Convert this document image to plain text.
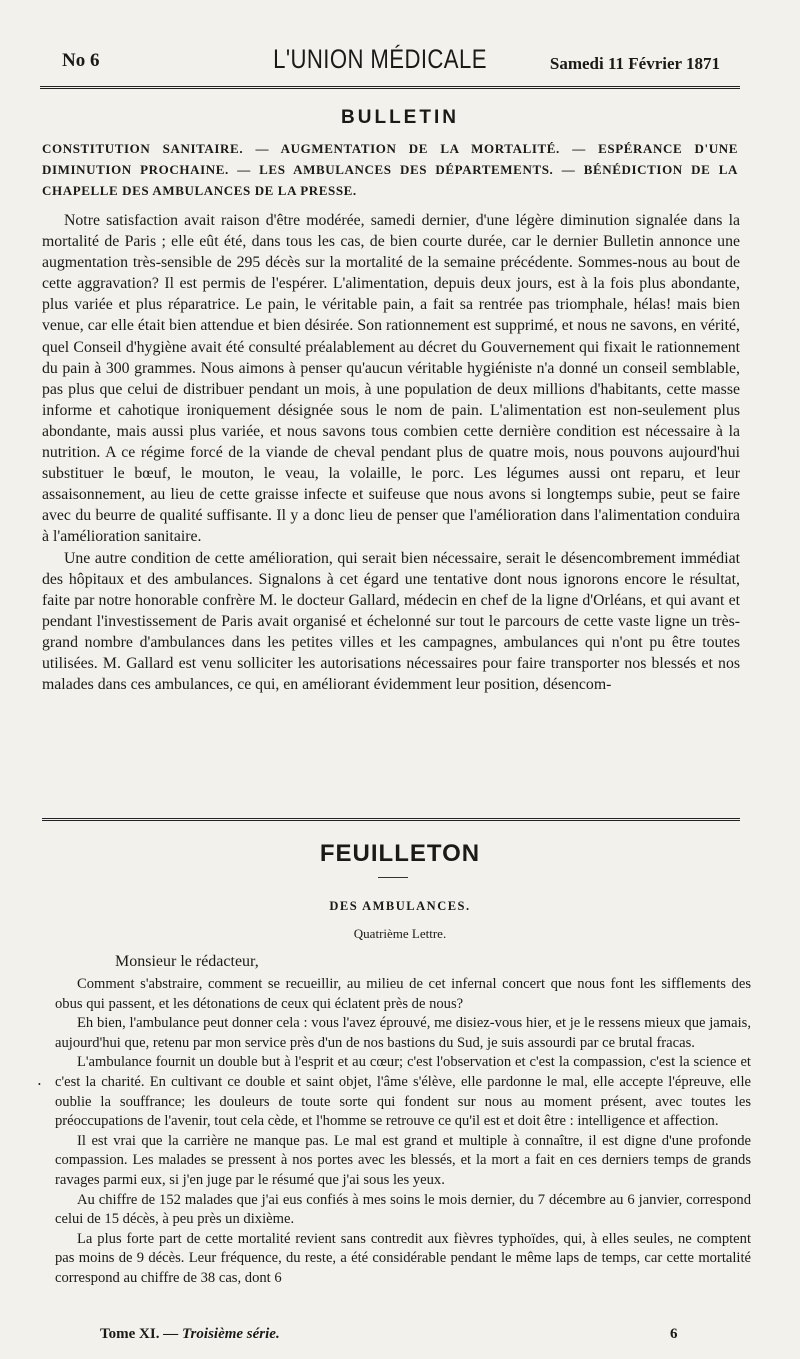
No 6	L'UNION MÉDICALE	Samedi 11 Février 1871
BULLETIN
CONSTITUTION SANITAIRE. — AUGMENTATION DE LA MORTALITÉ. — ESPÉRANCE D'UNE DIMINUTION PROCHAINE. — LES AMBULANCES DES DÉPARTEMENTS. — BÉNÉDICTION DE LA CHAPELLE DES AMBULANCES DE LA PRESSE.

Notre satisfaction avait raison d'être modérée, samedi dernier, d'une légère diminution signalée dans la mortalité de Paris ; elle eût été, dans tous les cas, de bien courte durée, car le dernier Bulletin annonce une augmentation très-sensible de 295 décès sur la mortalité de la semaine précédente. Sommes-nous au bout de cette aggravation? Il est permis de l'espérer. L'alimentation, depuis deux jours, est à la fois plus abondante, plus variée et plus réparatrice. Le pain, le véritable pain, a fait sa rentrée pas triomphale, hélas! mais bien venue, car elle était bien attendue et bien désirée. Son rationnement est supprimé, et nous ne savons, en vérité, quel Conseil d'hygiène avait été consulté préalablement au décret du Gouvernement qui fixait le rationnement du pain à 300 grammes. Nous aimons à penser qu'aucun véritable hygiéniste n'a donné un conseil semblable, pas plus que celui de distribuer pendant un mois, à une population de deux millions d'habitants, cette masse informe et cahotique ironiquement désignée sous le nom de pain. L'alimentation est non-seulement plus abondante, mais aussi plus variée, et nous savons tous combien cette dernière condition est nécessaire à la nutrition. A ce régime forcé de la viande de cheval pendant plus de quatre mois, nous pouvons aujourd'hui substituer le bœuf, le mouton, le veau, la volaille, le porc. Les légumes aussi ont reparu, et leur assaisonnement, au lieu de cette graisse infecte et suifeuse que nous avons si longtemps subie, peut se faire avec du beurre de qualité suffisante. Il y a donc lieu de penser que l'amélioration dans l'alimentation conduira à l'amélioration sanitaire.

Une autre condition de cette amélioration, qui serait bien nécessaire, serait le désencombrement immédiat des hôpitaux et des ambulances. Signalons à cet égard une tentative dont nous ignorons encore le résultat, faite par notre honorable confrère M. le docteur Gallard, médecin en chef de la ligne d'Orléans, et qui avant et pendant l'investissement de Paris avait organisé et échelonné sur tout le parcours de cette vaste ligne un très-grand nombre d'ambulances dans les petites villes et les campagnes, ambulances qui n'ont pu être toutes utilisées. M. Gallard est venu solliciter les autorisations nécessaires pour faire transporter nos blessés et nos malades dans ces ambulances, ce qui, en améliorant évidemment leur position, désencom-

FEUILLETON
DES AMBULANCES.
Quatrième Lettre.
Monsieur le rédacteur,

Comment s'abstraire, comment se recueillir, au milieu de cet infernal concert que nous font les sifflements des obus qui passent, et les détonations de ceux qui éclatent près de nous?

Eh bien, l'ambulance peut donner cela : vous l'avez éprouvé, me disiez-vous hier, et je le ressens mieux que jamais, aujourd'hui que, retenu par mon service près d'un de nos bastions du Sud, je suis assourdi par ce brutal fracas.

L'ambulance fournit un double but à l'esprit et au cœur; c'est l'observation et c'est la compassion, c'est la science et c'est la charité. En cultivant ce double et saint objet, l'âme s'élève, elle pardonne le mal, elle accepte l'épreuve, elle oublie la souffrance; les douleurs de toute sorte qui fondent sur nous au moment présent, avec toutes les préoccupations de l'avenir, tout cela cède, et l'homme se retrouve ce qu'il est et doit être : intelligence et affection.

Il est vrai que la carrière ne manque pas. Le mal est grand et multiple à connaître, il est digne d'une profonde compassion. Les malades se pressent à nos portes avec les blessés, et la mort a fait en ces derniers temps de grands ravages parmi eux, si j'en juge par le résumé que j'ai sous les yeux.

Au chiffre de 152 malades que j'ai eus confiés à mes soins le mois dernier, du 7 décembre au 6 janvier, correspond celui de 15 décès, à peu près un dixième.

La plus forte part de cette mortalité revient sans contredit aux fièvres typhoïdes, qui, à elles seules, ne comptent pas moins de 9 décès. Leur fréquence, du reste, a été considérable pendant le même laps de temps, car cette mortalité correspond au chiffre de 38 cas, dont 6

Tome XI. — Troisième série.	6
•
